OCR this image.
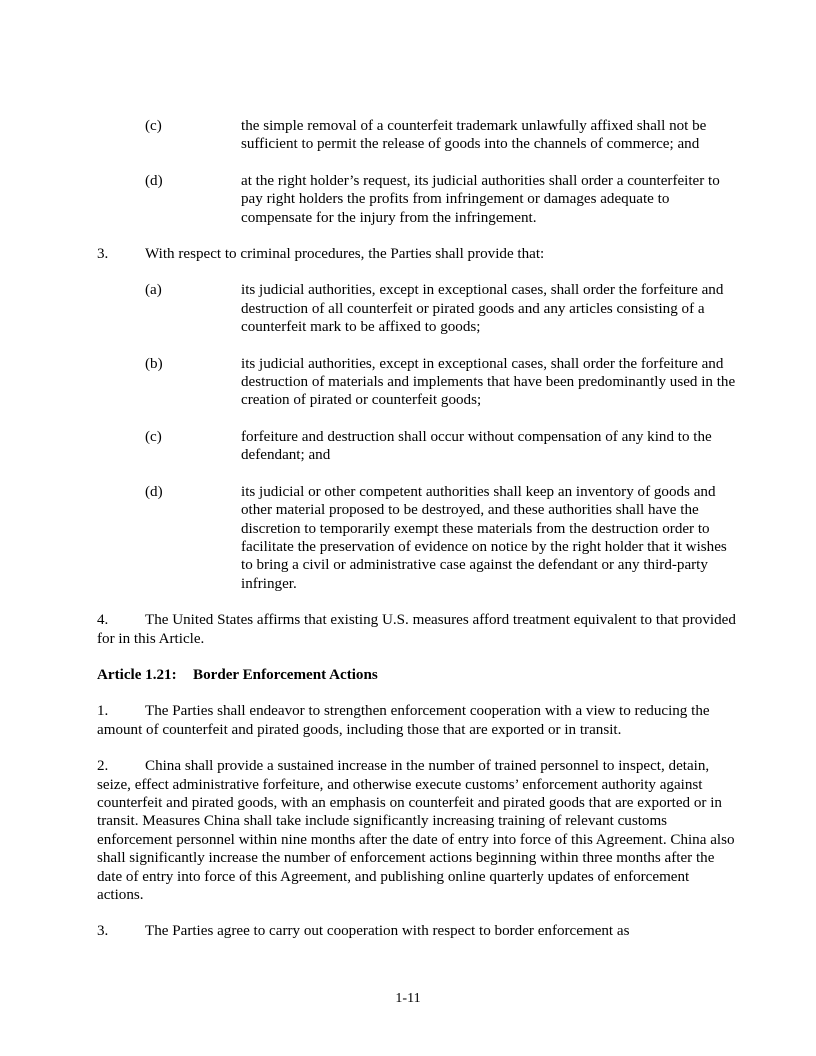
(c)	the simple removal of a counterfeit trademark unlawfully affixed shall not be sufficient to permit the release of goods into the channels of commerce; and
(d)	at the right holder’s request, its judicial authorities shall order a counterfeiter to pay right holders the profits from infringement or damages adequate to compensate for the injury from the infringement.
3. With respect to criminal procedures, the Parties shall provide that:
(a)	its judicial authorities, except in exceptional cases, shall order the forfeiture and destruction of all counterfeit or pirated goods and any articles consisting of a counterfeit mark to be affixed to goods;
(b)	its judicial authorities, except in exceptional cases, shall order the forfeiture and destruction of materials and implements that have been predominantly used in the creation of pirated or counterfeit goods;
(c)	forfeiture and destruction shall occur without compensation of any kind to the defendant; and
(d)	its judicial or other competent authorities shall keep an inventory of goods and other material proposed to be destroyed, and these authorities shall have the discretion to temporarily exempt these materials from the destruction order to facilitate the preservation of evidence on notice by the right holder that it wishes to bring a civil or administrative case against the defendant or any third-party infringer.

4. The United States affirms that existing U.S. measures afford treatment equivalent to that provided for in this Article.

Article 1.21: Border Enforcement Actions

1. The Parties shall endeavor to strengthen enforcement cooperation with a view to reducing the amount of counterfeit and pirated goods, including those that are exported or in transit.

2. China shall provide a sustained increase in the number of trained personnel to inspect, detain, seize, effect administrative forfeiture, and otherwise execute customs’ enforcement authority against counterfeit and pirated goods, with an emphasis on counterfeit and pirated goods that are exported or in transit. Measures China shall take include significantly increasing training of relevant customs enforcement personnel within nine months after the date of entry into force of this Agreement. China also shall significantly increase the number of enforcement actions beginning within three months after the date of entry into force of this Agreement, and publishing online quarterly updates of enforcement actions.

3. The Parties agree to carry out cooperation with respect to border enforcement as

1-11
